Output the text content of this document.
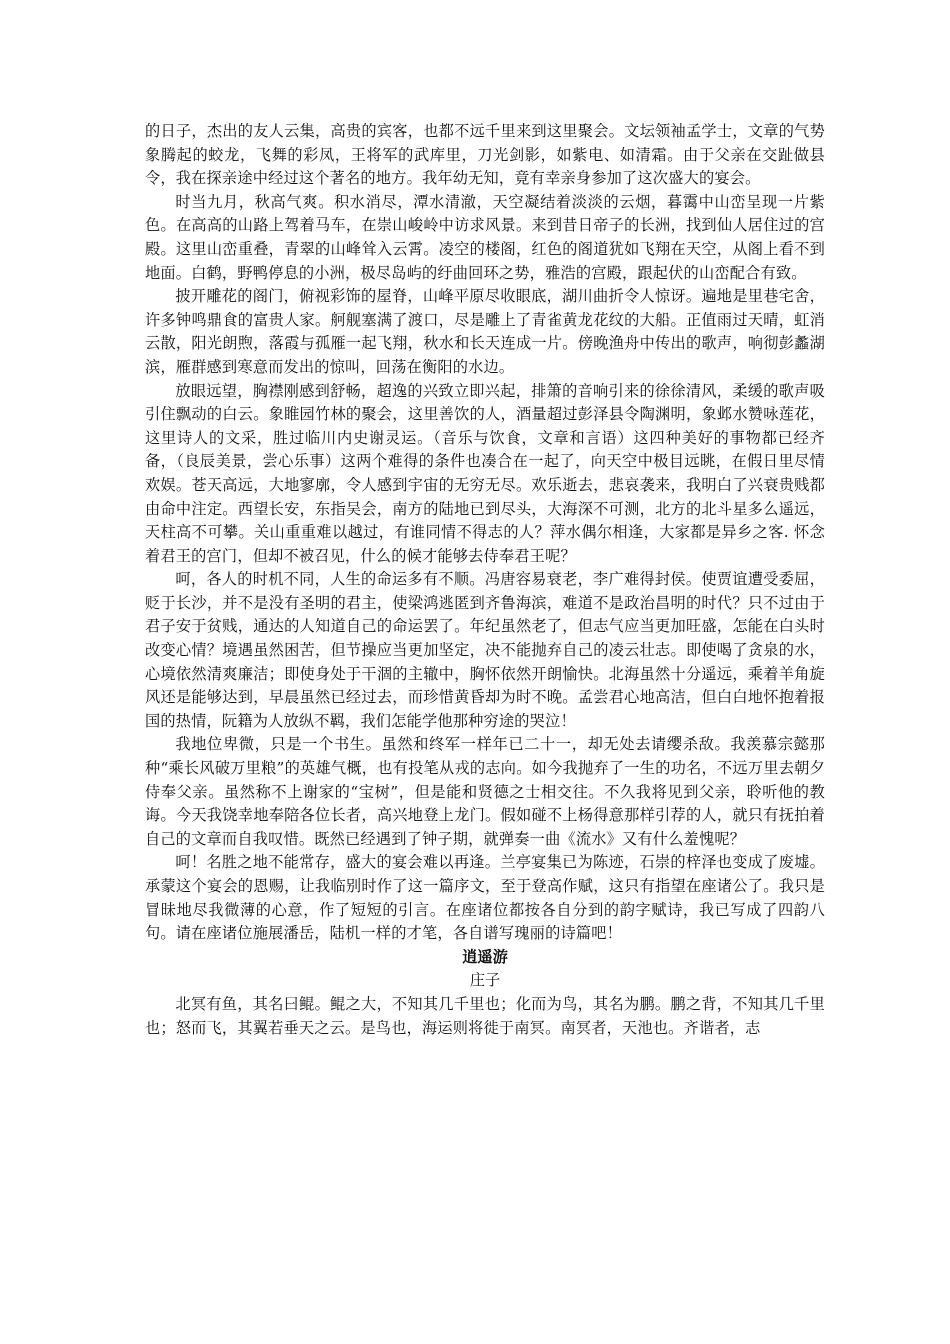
的日子，杰出的友人云集，高贵的宾客，也都不远千里来到这里聚会。文坛领袖孟学士，文章的气势象腾起的蛟龙，飞舞的彩凤，王将军的武库里，刀光剑影，如紫电、如清霜。由于父亲在交趾做县令，我在探亲途中经过这个著名的地方。我年幼无知，竟有幸亲身参加了这次盛大的宴会。

时当九月，秋高气爽。积水消尽，潭水清澈，天空凝结着淡淡的云烟，暮霭中山峦呈现一片紫色。在高高的山路上驾着马车，在崇山峻岭中访求风景。来到昔日帝子的长洲，找到仙人居住过的宫殿。这里山峦重叠，青翠的山峰耸入云霄。凌空的楼阁，红色的阁道犹如飞翔在天空，从阁上看不到地面。白鹤，野鸭停息的小洲，极尽岛屿的纡曲回环之势，雅浩的宫殿，跟起伏的山峦配合有致。

披开雕花的阁门，俯视彩饰的屋脊，山峰平原尽收眼底，湖川曲折令人惊讶。遍地是里巷宅舍，许多钟鸣鼎食的富贵人家。舸舰塞满了渡口，尽是雕上了青雀黄龙花纹的大船。正值雨过天晴，虹消云散，阳光朗煦，落霞与孤雁一起飞翔，秋水和长天连成一片。傍晚渔舟中传出的歌声，响彻彭蠡湖滨，雁群感到寒意而发出的惊叫，回荡在衡阳的水边。

放眼远望，胸襟刚感到舒畅，超逸的兴致立即兴起，排箫的音响引来的徐徐清风，柔缓的歌声吸引住飘动的白云。象睢园竹林的聚会，这里善饮的人，酒量超过彭泽县令陶渊明，象邺水赞咏莲花，这里诗人的文采，胜过临川内史谢灵运。（音乐与饮食，文章和言语）这四种美好的事物都已经齐备，（良辰美景，尝心乐事）这两个难得的条件也凑合在一起了，向天空中极目远眺，在假日里尽情欢娱。苍天高远，大地寥廓，令人感到宇宙的无穷无尽。欢乐逝去，悲哀袭来，我明白了兴衰贵贱都由命中注定。西望长安，东指吴会，南方的陆地已到尽头，大海深不可测，北方的北斗星多么遥远，天柱高不可攀。关山重重难以越过，有谁同情不得志的人？萍水偶尔相逢，大家都是异乡之客. 怀念着君王的宫门，但却不被召见，什么的候才能够去侍奉君王呢？

呵，各人的时机不同，人生的命运多有不顺。冯唐容易衰老，李广难得封侯。使贾谊遭受委屈，贬于长沙，并不是没有圣明的君主，使梁鸿逃匿到齐鲁海滨，难道不是政治昌明的时代？只不过由于君子安于贫贱，通达的人知道自己的命运罢了。年纪虽然老了，但志气应当更加旺盛，怎能在白头时改变心情？境遇虽然困苦，但节操应当更加坚定，决不能抛弃自己的凌云壮志。即使喝了贪泉的水，心境依然清爽廉洁；即使身处于干涸的主辙中，胸怀依然开朗愉快。北海虽然十分遥远，乘着羊角旋风还是能够达到，早晨虽然已经过去，而珍惜黄昏却为时不晚。孟尝君心地高洁，但白白地怀抱着报国的热情，阮籍为人放纵不羁，我们怎能学他那种穷途的哭泣！

我地位卑微，只是一个书生。虽然和终军一样年已二十一，却无处去请缨杀敌。我羡慕宗懿那种“乘长风破万里粮”的英雄气概，也有投笔从戎的志向。如今我抛弃了一生的功名，不远万里去朝夕侍奉父亲。虽然称不上谢家的“宝树”，但是能和贤德之士相交往。不久我将见到父亲，聆听他的教诲。今天我饶幸地奉陪各位长者，高兴地登上龙门。假如碰不上杨得意那样引荐的人，就只有抚拍着自己的文章而自我叹惜。既然已经遇到了钟子期，就弹奏一曲《流水》又有什么羞愧呢？

呵！名胜之地不能常存，盛大的宴会难以再逢。兰亭宴集已为陈迹，石崇的梓泽也变成了废墟。承蒙这个宴会的恩赐，让我临别时作了这一篇序文，至于登高作赋，这只有指望在座诸公了。我只是冒昧地尽我微薄的心意，作了短短的引言。在座诸位都按各自分到的韵字赋诗，我已写成了四韵八句。请在座诸位施展潘岳，陆机一样的才笔，各自谱写瑰丽的诗篇吧！

逍遥游

庄子

北冥有鱼，其名曰鲲。鲲之大，不知其几千里也；化而为鸟，其名为鹏。鹏之背，不知其几千里也；怒而飞，其翼若垂天之云。是鸟也，海运则将徙于南冥。南冥者，天池也。齐谐者，志
